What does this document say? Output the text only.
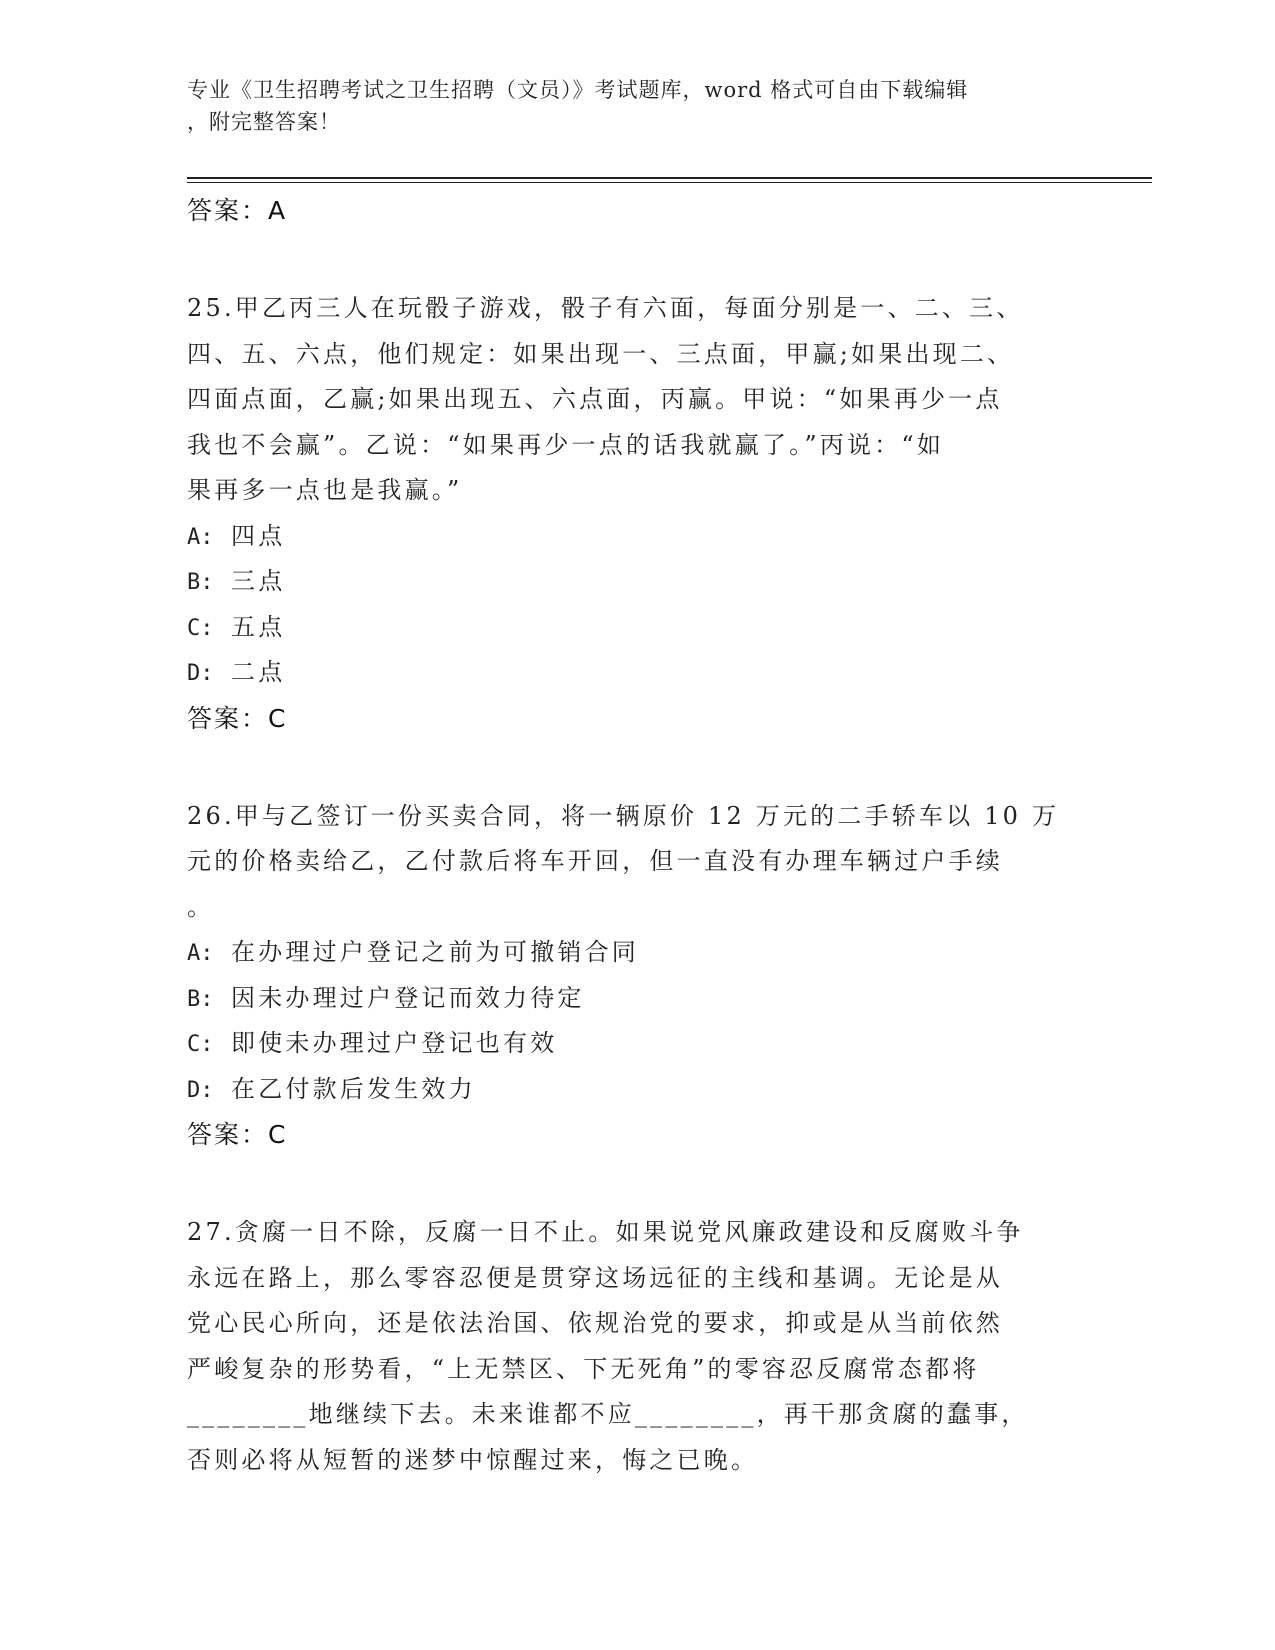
专业《卫生招聘考试之卫生招聘（文员）》考试题库，word 格式可自由下载编辑
，附完整答案！
答案：A
25.甲乙丙三人在玩骰子游戏，骰子有六面，每面分别是一、二、三、
四、五、六点，他们规定：如果出现一、三点面，甲赢;如果出现二、
四面点面，乙赢;如果出现五、六点面，丙赢。甲说：“如果再少一点
我也不会赢”。乙说：“如果再少一点的话我就赢了。”丙说：“如
果再多一点也是我赢。”
A: 四点
B: 三点
C: 五点
D: 二点
答案：C
26.甲与乙签订一份买卖合同，将一辆原价 12 万元的二手轿车以 10 万
元的价格卖给乙，乙付款后将车开回，但一直没有办理车辆过户手续
。
A: 在办理过户登记之前为可撤销合同
B: 因未办理过户登记而效力待定
C: 即使未办理过户登记也有效
D: 在乙付款后发生效力
答案：C
27.贪腐一日不除，反腐一日不止。如果说党风廉政建设和反腐败斗争
永远在路上，那么零容忍便是贯穿这场远征的主线和基调。无论是从
党心民心所向，还是依法治国、依规治党的要求，抑或是从当前依然
严峻复杂的形势看，“上无禁区、下无死角”的零容忍反腐常态都将
________地继续下去。未来谁都不应________，再干那贪腐的蠢事，
否则必将从短暂的迷梦中惊醒过来，悔之已晚。
